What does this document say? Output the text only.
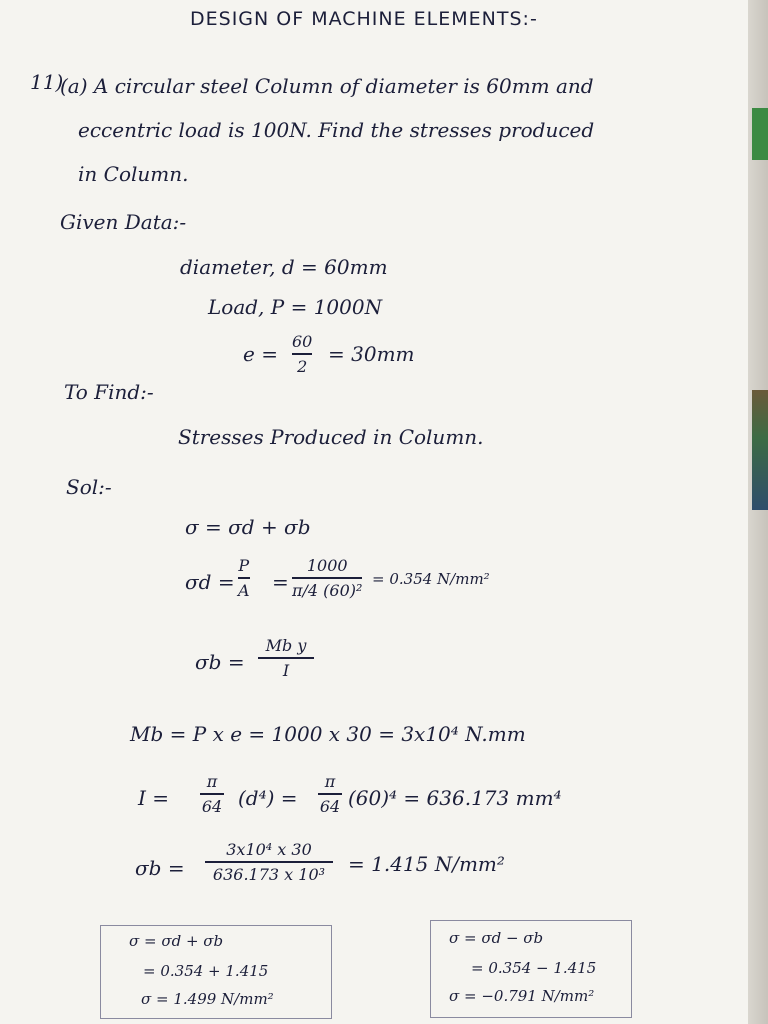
DESIGN OF MACHINE ELEMENTS:-
11)
(a) A circular steel Column of diameter is 60mm and
eccentric load is 100N. Find the stresses produced
in Column.
Given Data:-
diameter, d = 60mm
Load, P = 1000N
e =
60
2 = 30mm
To Find:-
Stresses Produced in Column.
Sol:-
σ = σd + σb
σd =
P
A =
1000
π/4 (60)²
= 0.354 N/mm²
σb =
Mb y
I
Mb = P x e = 1000 x 30 = 3x10⁴ N.mm
I =
π
64 (d⁴) =
π
64 (60)⁴ = 636.173 mm⁴
σb =
3x10⁴ x 30
636.173 x 10³ = 1.415 N/mm²
σ = σd + σb
= 0.354 + 1.415
σ = 1.499 N/mm²
σ = σd − σb
= 0.354 − 1.415
σ = −0.791 N/mm²
